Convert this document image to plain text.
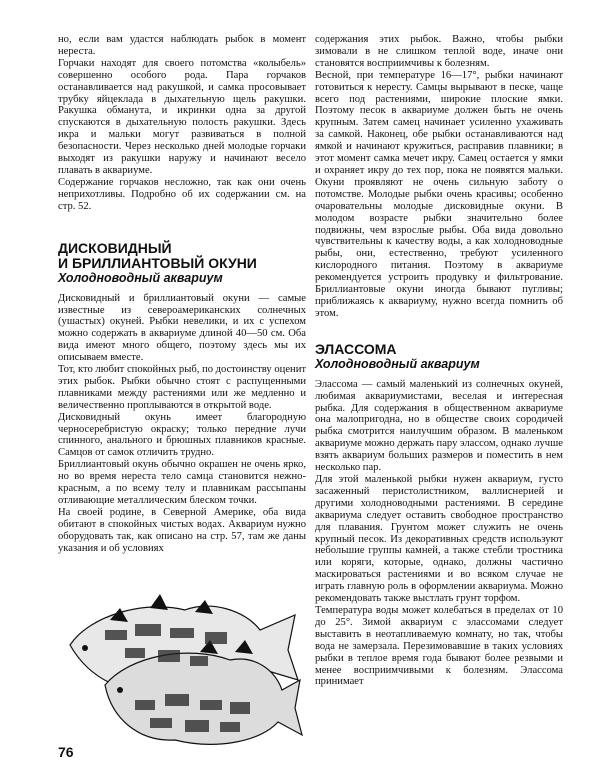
но, если вам удастся наблюдать рыбок в момент нереста.

Горчаки находят для своего потомства «колыбель» совершенно особого рода. Пара горчаков останавливается над ракушкой, и самка просовывает трубку яйцеклада в дыхательную щель ракушки. Ракушка обманута, и икринки одна за другой спускаются в дыхательную полость ракушки. Здесь икра и мальки могут развиваться в полной безопасности. Через несколько дней молодые горчаки выходят из ракушки наружу и начинают весело плавать в аквариуме.

Содержание горчаков несложно, так как они очень неприхотливы. Подробно об их содержании см. на стр. 52.

ДИСКОВИДНЫЙ
И БРИЛЛИАНТОВЫЙ ОКУНИ
Холодноводный аквариум

Дисковидный и бриллиантовый окуни — самые известные из североамериканских солнечных (ушастых) окуней. Рыбки невелики, и их с успехом можно содержать в аквариуме длиной 40—50 см. Оба вида имеют много общего, поэтому здесь мы их описываем вместе.

Тот, кто любит спокойных рыб, по достоинству оценит этих рыбок. Рыбки обычно стоят с распущенными плавниками между растениями или же медленно и величественно проплываются в открытой воде.

Дисковидный окунь имеет благородную черносеребристую окраску; только передние лучи спинного, анального и брюшных плавников красные. Самцов от самок отличить трудно.

Бриллиантовый окунь обычно окрашен не очень ярко, но во время нереста тело самца становится нежно-красным, а по всему телу и плавникам рассыпаны отливающие металлическим блеском точки.

На своей родине, в Северной Америке, оба вида обитают в спокойных чистых водах. Аквариум нужно оборудовать так, как описано на стр. 57, там же даны указания и об условиях

76

содержания этих рыбок. Важно, чтобы рыбки зимовали в не слишком теплой воде, иначе они становятся восприимчивы к болезням.

Весной, при температуре 16—17°, рыбки начинают готовиться к нересту. Самцы вырывают в песке, чаще всего под растениями, широкие плоские ямки. Поэтому песок в аквариуме должен быть не очень крупным. Затем самец начинает усиленно ухаживать за самкой. Наконец, обе рыбки останавливаются над ямкой и начинают кружиться, расправив плавники; в этот момент самка мечет икру. Самец остается у ямки и охраняет икру до тех пор, пока не появятся мальки. Окуни проявляют не очень сильную заботу о потомстве. Молодые рыбки очень красивы; особенно очаровательны молодые дисковидные окуни. В молодом возрасте рыбки значительно более подвижны, чем взрослые рыбы. Оба вида довольно чувствительны к качеству воды, а как холодноводные рыбы, они, естественно, требуют усиленного кислородного питания. Поэтому в аквариуме рекомендуется устроить продувку и фильтрование. Бриллиантовые окуни иногда бывают пугливы; приближаясь к аквариуму, нужно всегда помнить об этом.

ЭЛАССОМА
Холодноводный аквариум

Элассома — самый маленький из солнечных окуней, любимая аквариумистами, веселая и интересная рыбка. Для содержания в общественном аквариуме она малопригодна, но в обществе своих сородичей рыбка смотрится наилучшим образом. В маленьком аквариуме можно держать пару элассом, однако лучше взять аквариум больших размеров и поместить в нем несколько пар.

Для этой маленькой рыбки нужен аквариум, густо засаженный перистолистником, валлиснерией и другими холодноводными растениями. В середине аквариума следует оставить свободное пространство для плавания. Грунтом может служить не очень крупный песок. Из декоративных средств используют небольшие группы камней, а также стебли тростника или коряги, которые, однако, должны частично маскироваться растениями и во всяком случае не играть главную роль в оформлении аквариума. Можно рекомендовать также выстлать грунт торфом.

Температура воды может колебаться в пределах от 10 до 25°. Зимой аквариум с элассомами следует выставить в неотапливаемую комнату, но так, чтобы вода не замерзала. Перезимовавшие в таких условиях рыбки в теплое время года бывают более резвыми и менее восприимчивыми к болезням. Элассома принимает
